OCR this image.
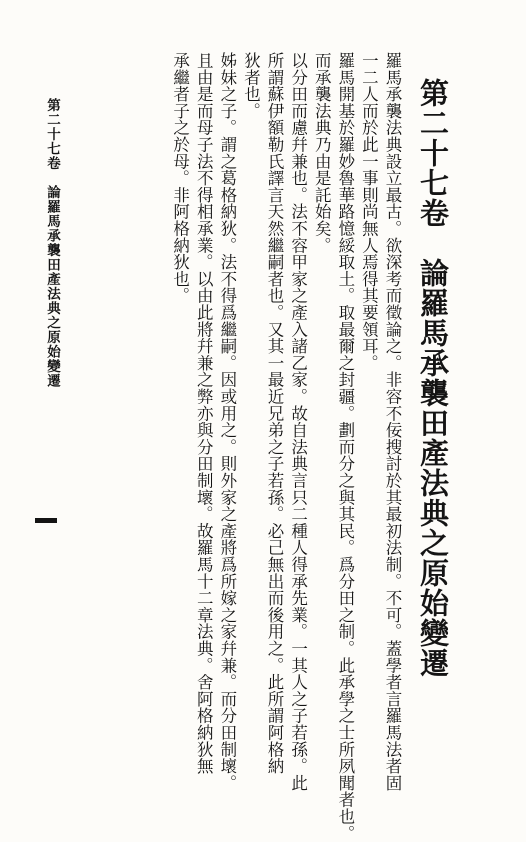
第二十七卷　論羅馬承襲田產法典之原始變遷
羅馬承襲法典設立最古。欲深考而徵論之。非容不佞搜討於其最初法制。不可。蓋學者言羅馬法者固
一二人而於此一事則尚無人焉得其要領耳。
羅馬開基於羅妙魯華路憶綏取土。取最爾之封疆。劃而分之與其民。爲分田之制。此承學之士所夙聞者也。
而承襲法典乃由是託始矣。
以分田而慮幷兼也。法不容甲家之產入諸乙家。故自法典言只二種人得承先業。一其人之子若孫。此
所謂蘇伊額勒氏譯言天然繼嗣者也。又其一最近兄弟之子若孫。必己無出而後用之。此所謂阿格納
狄者也。
姊妹之子。謂之葛格納狄。法不得爲繼嗣。因或用之。則外家之產將爲所嫁之家幷兼。而分田制壞。
且由是而母子法不得相承業。以由此將幷兼之弊亦與分田制壞。故羅馬十二章法典。舍阿格納狄無
承繼者子之於母。非阿格納狄也。
第二十七卷　論羅馬承襲田產法典之原始變遷
